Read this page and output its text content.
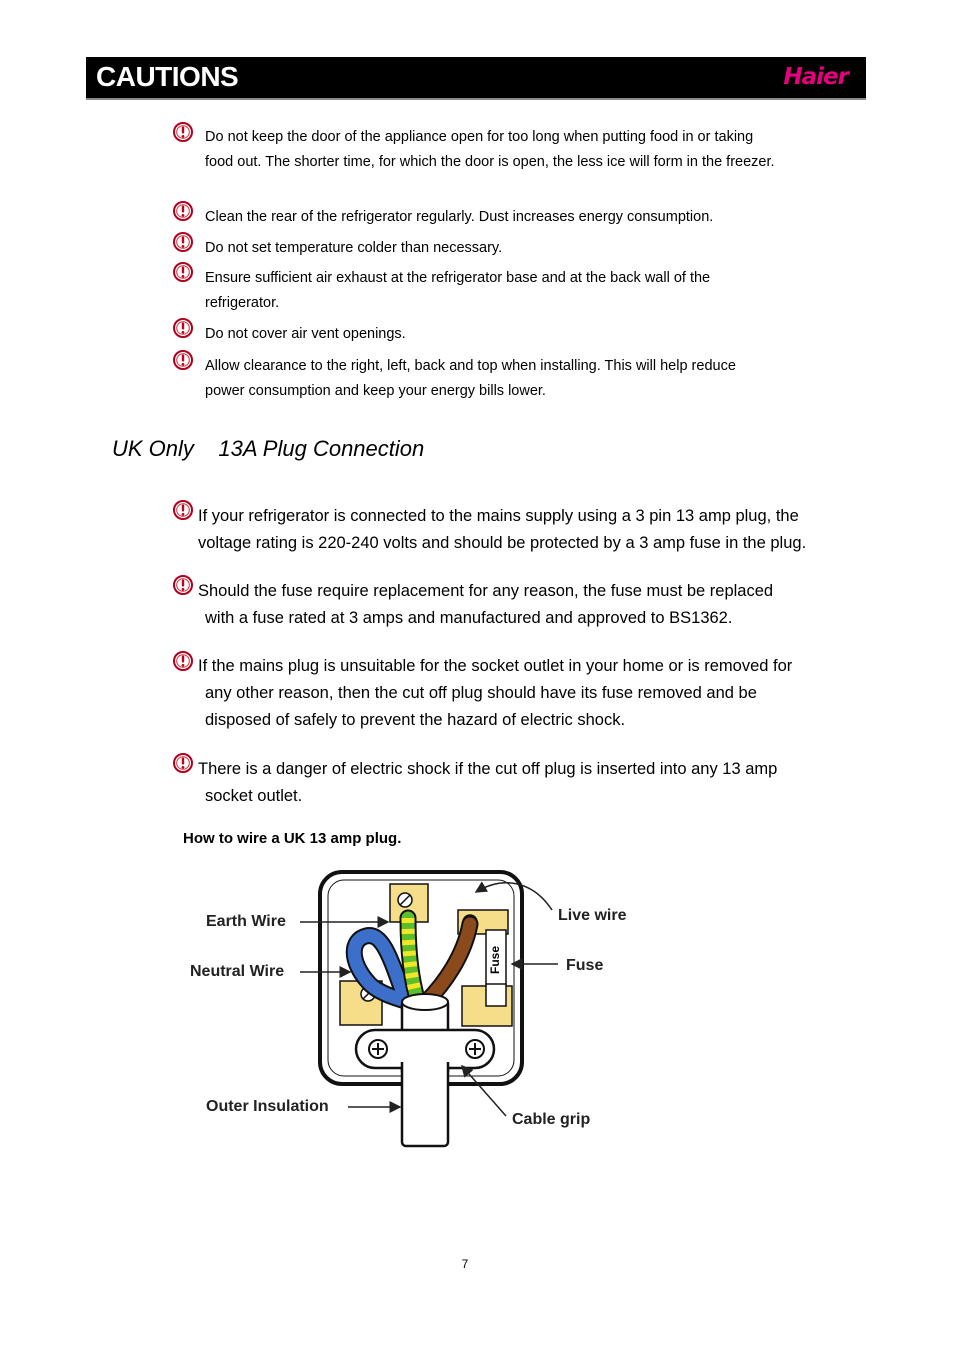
CAUTIONS	Haier
Do not keep the door of the appliance open for too long when putting food in or taking
food out. The shorter time, for which the door is open, the less ice will form in the freezer.
Clean the rear of the refrigerator regularly. Dust increases energy consumption.
Do not set temperature colder than necessary.
Ensure sufficient air exhaust at the refrigerator base and at the back wall of the
refrigerator.
Do not cover air vent openings.
Allow clearance to the right, left, back and top when installing. This will help reduce
power consumption and keep your energy bills lower.
UK Only    13A Plug Connection
If your refrigerator is connected to the mains supply using a 3 pin 13 amp plug, the
voltage rating is 220-240 volts and should be protected by a 3 amp fuse in the plug.
Should the fuse require replacement for any reason, the fuse must be replaced
with a fuse rated at 3 amps and manufactured and approved to BS1362.
If the mains plug is unsuitable for the socket outlet in your home or is removed for
any other reason, then the cut off plug should have its fuse removed and be disposed of safely to prevent the hazard of electric shock.
There is a danger of electric shock if the cut off plug is inserted into any 13 amp
socket outlet.
How to wire a UK 13 amp plug.
Fuse
Earth Wire
Neutral Wire
Outer Insulation
Live wire
Fuse
Cable grip
7
